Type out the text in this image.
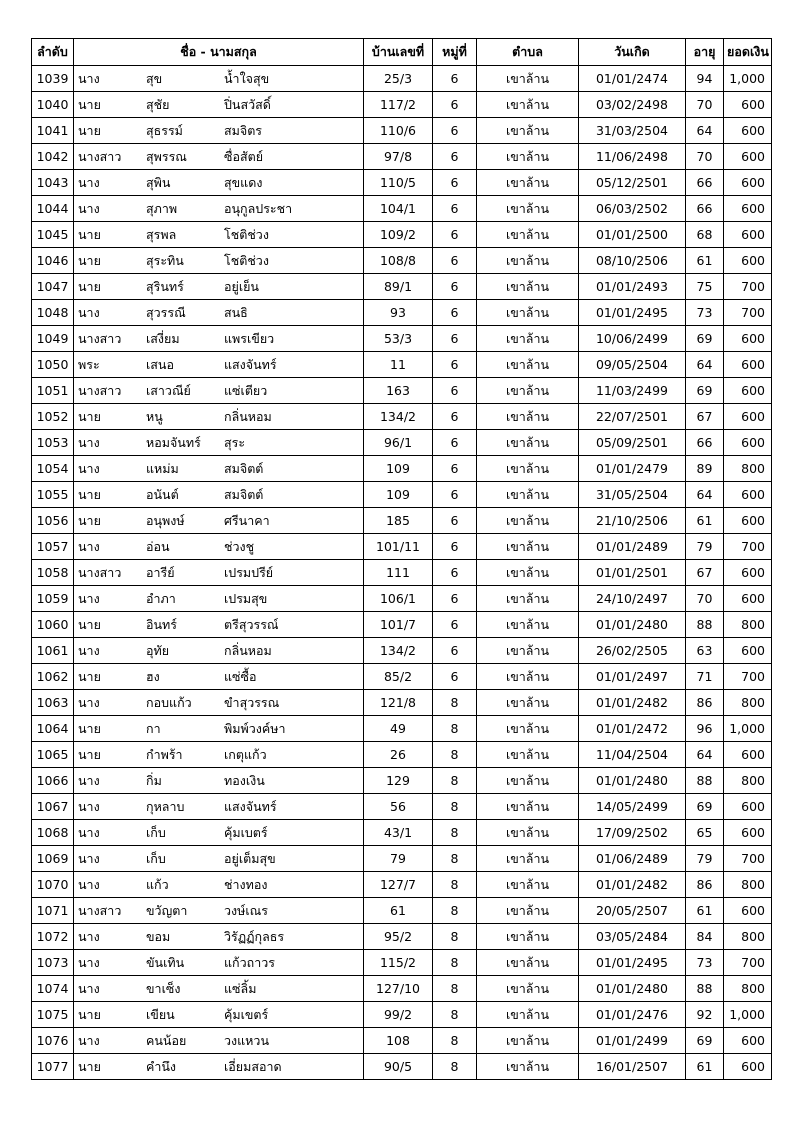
ลำดับ	ชื่อ - นามสกุล	บ้านเลขที่	หมู่ที่	ตำบล	วันเกิด	อายุ	ยอดเงิน
1039	นาง สุข น้ำใจสุข	25/3	6	เขาล้าน	01/01/2474	94	1,000
1040	นาย สุชัย ปิ่นสวัสดิ์	117/2	6	เขาล้าน	03/02/2498	70	600
1041	นาย สุธรรม์ สมจิตร	110/6	6	เขาล้าน	31/03/2504	64	600
1042	นางสาว สุพรรณ ซื่อสัตย์	97/8	6	เขาล้าน	11/06/2498	70	600
1043	นาง สุพิน สุขแดง	110/5	6	เขาล้าน	05/12/2501	66	600
1044	นาง สุภาพ อนุกูลประชา	104/1	6	เขาล้าน	06/03/2502	66	600
1045	นาย สุรพล โชติช่วง	109/2	6	เขาล้าน	01/01/2500	68	600
1046	นาย สุระทิน โชติช่วง	108/8	6	เขาล้าน	08/10/2506	61	600
1047	นาย สุรินทร์ อยู่เย็น	89/1	6	เขาล้าน	01/01/2493	75	700
1048	นาง สุวรรณี สนธิ	93	6	เขาล้าน	01/01/2495	73	700
1049	นางสาว เสงี่ยม แพรเขียว	53/3	6	เขาล้าน	10/06/2499	69	600
1050	พระ เสนอ แสงจันทร์	11	6	เขาล้าน	09/05/2504	64	600
1051	นางสาว เสาวณีย์ แซ่เตียว	163	6	เขาล้าน	11/03/2499	69	600
1052	นาย หนู กลิ่นหอม	134/2	6	เขาล้าน	22/07/2501	67	600
1053	นาง หอมจันทร์ สุระ	96/1	6	เขาล้าน	05/09/2501	66	600
1054	นาง แหม่ม สมจิตต์	109	6	เขาล้าน	01/01/2479	89	800
1055	นาย อนันต์ สมจิตต์	109	6	เขาล้าน	31/05/2504	64	600
1056	นาย อนุพงษ์ ศรีนาคา	185	6	เขาล้าน	21/10/2506	61	600
1057	นาง อ่อน ช่วงชู	101/11	6	เขาล้าน	01/01/2489	79	700
1058	นางสาว อารีย์ เปรมปรีย์	111	6	เขาล้าน	01/01/2501	67	600
1059	นาง อำภา เปรมสุข	106/1	6	เขาล้าน	24/10/2497	70	600
1060	นาย อินทร์ ตรีสุวรรณ์	101/7	6	เขาล้าน	01/01/2480	88	800
1061	นาง อุทัย กลิ่นหอม	134/2	6	เขาล้าน	26/02/2505	63	600
1062	นาย ฮง แซ่ซื้อ	85/2	6	เขาล้าน	01/01/2497	71	700
1063	นาง กอบแก้ว ขำสุวรรณ	121/8	8	เขาล้าน	01/01/2482	86	800
1064	นาย กา พิมพ์วงค์ษา	49	8	เขาล้าน	01/01/2472	96	1,000
1065	นาย กำพร้า เกตุแก้ว	26	8	เขาล้าน	11/04/2504	64	600
1066	นาง กิ่ม ทองเงิน	129	8	เขาล้าน	01/01/2480	88	800
1067	นาง กุหลาบ แสงจันทร์	56	8	เขาล้าน	14/05/2499	69	600
1068	นาง เก็บ คุ้มเบตร์	43/1	8	เขาล้าน	17/09/2502	65	600
1069	นาง เก็บ อยู่เต็มสุข	79	8	เขาล้าน	01/06/2489	79	700
1070	นาง แก้ว ช่างทอง	127/7	8	เขาล้าน	01/01/2482	86	800
1071	นางสาว ขวัญตา วงษ์เณร	61	8	เขาล้าน	20/05/2507	61	600
1072	นาง ขอม วิรัฏฏ์กุลธร	95/2	8	เขาล้าน	03/05/2484	84	800
1073	นาง ขันเทิน แก้วถาวร	115/2	8	เขาล้าน	01/01/2495	73	700
1074	นาง ขาเซ็ง แซ่ลิ้ม	127/10	8	เขาล้าน	01/01/2480	88	800
1075	นาย เขียน คุ้มเขตร์	99/2	8	เขาล้าน	01/01/2476	92	1,000
1076	นาง คนน้อย วงแหวน	108	8	เขาล้าน	01/01/2499	69	600
1077	นาย คำนึง เอี่ยมสอาด	90/5	8	เขาล้าน	16/01/2507	61	600
